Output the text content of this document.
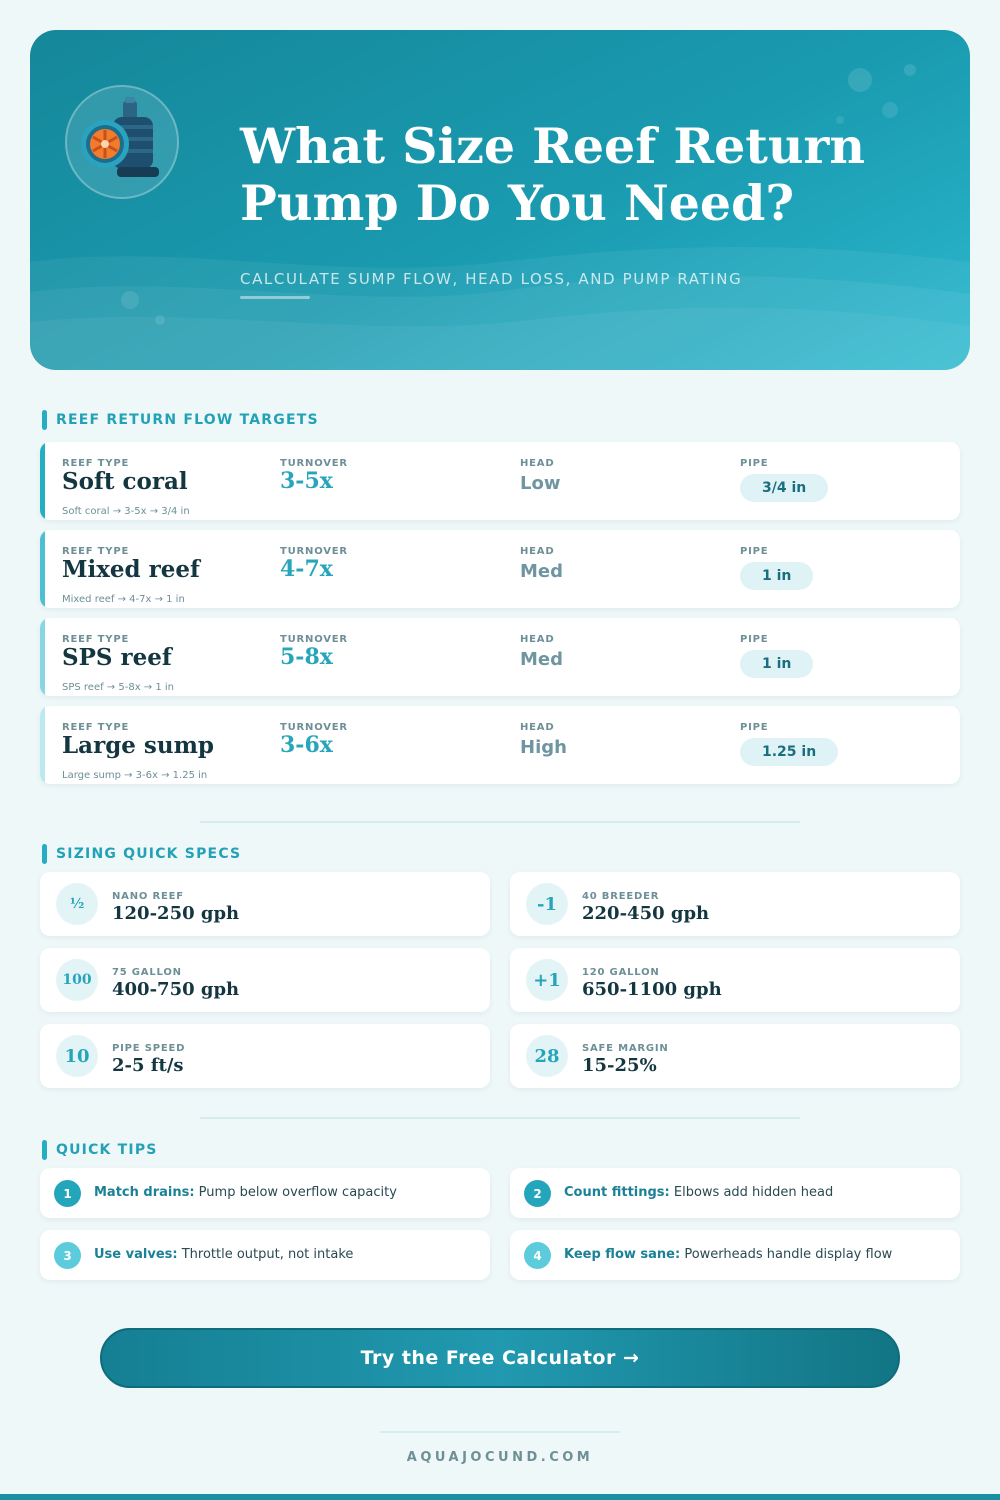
What Size Reef Return
Pump Do You Need?
CALCULATE SUMP FLOW, HEAD LOSS, AND PUMP RATING
REEF RETURN FLOW TARGETS
REEF TYPE
Soft coral
TURNOVER
3-5x
HEAD
Low
PIPE
3/4 in
Soft coral → 3-5x → 3/4 in
REEF TYPE
Mixed reef
TURNOVER
4-7x
HEAD
Med
PIPE
1 in
Mixed reef → 4-7x → 1 in
REEF TYPE
SPS reef
TURNOVER
5-8x
HEAD
Med
PIPE
1 in
SPS reef → 5-8x → 1 in
REEF TYPE
Large sump
TURNOVER
3-6x
HEAD
High
PIPE
1.25 in
Large sump → 3-6x → 1.25 in
SIZING QUICK SPECS
½	NANO REEF
120-250 gph	-1	40 BREEDER
220-450 gph
100	75 GALLON
400-750 gph	+1	120 GALLON
650-1100 gph
10	PIPE SPEED
2-5 ft/s	28	SAFE MARGIN
15-25%
QUICK TIPS
1	Match drains: Pump below overflow capacity	2	Count fittings: Elbows add hidden head
3	Use valves: Throttle output, not intake	4	Keep flow sane: Powerheads handle display flow
Try the Free Calculator →
AQUAJOCUND.COM
